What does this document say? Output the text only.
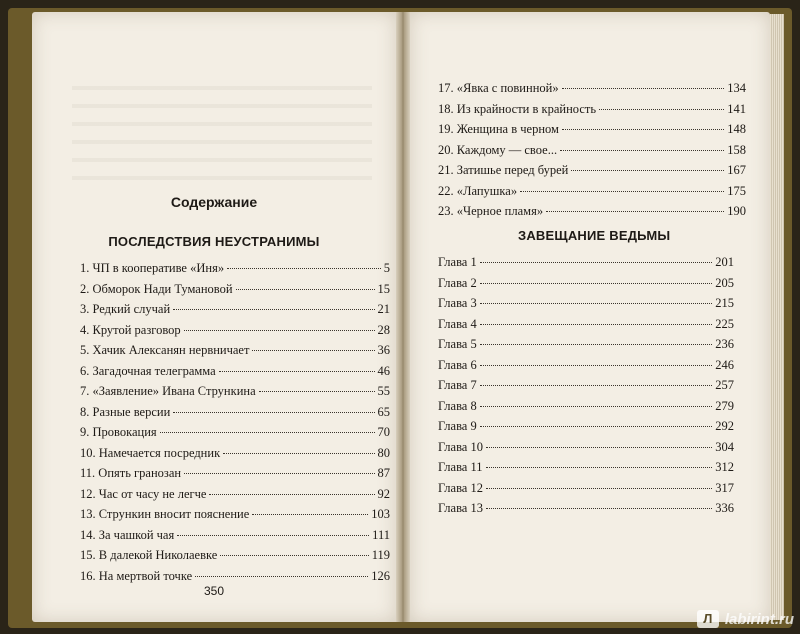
Содержание
ПОСЛЕДСТВИЯ НЕУСТРАНИМЫ
1. ЧП в кооперативе «Иня»	5
2. Обморок Нади Тумановой	15
3. Редкий случай	21
4. Крутой разговор	28
5. Хачик Алексанян нервничает	36
6. Загадочная телеграмма	46
7. «Заявление» Ивана Стрункина	55
8. Разные версии	65
9. Провокация	70
10. Намечается посредник	80
11. Опять гранозан	87
12. Час от часу не легче	92
13. Стрункин вносит пояснение	103
14. За чашкой чая	111
15. В далекой Николаевке	119
16. На мертвой точке	126
350
17. «Явка с повинной»	134
18. Из крайности в крайность	141
19. Женщина в черном	148
20. Каждому — свое...	158
21. Затишье перед бурей	167
22. «Лапушка»	175
23. «Черное пламя»	190
ЗАВЕЩАНИЕ ВЕДЬМЫ
Глава 1	201
Глава 2	205
Глава 3	215
Глава 4	225
Глава 5	236
Глава 6	246
Глава 7	257
Глава 8	279
Глава 9	292
Глава 10	304
Глава 11	312
Глава 12	317
Глава 13	336
Л labirint.ru
